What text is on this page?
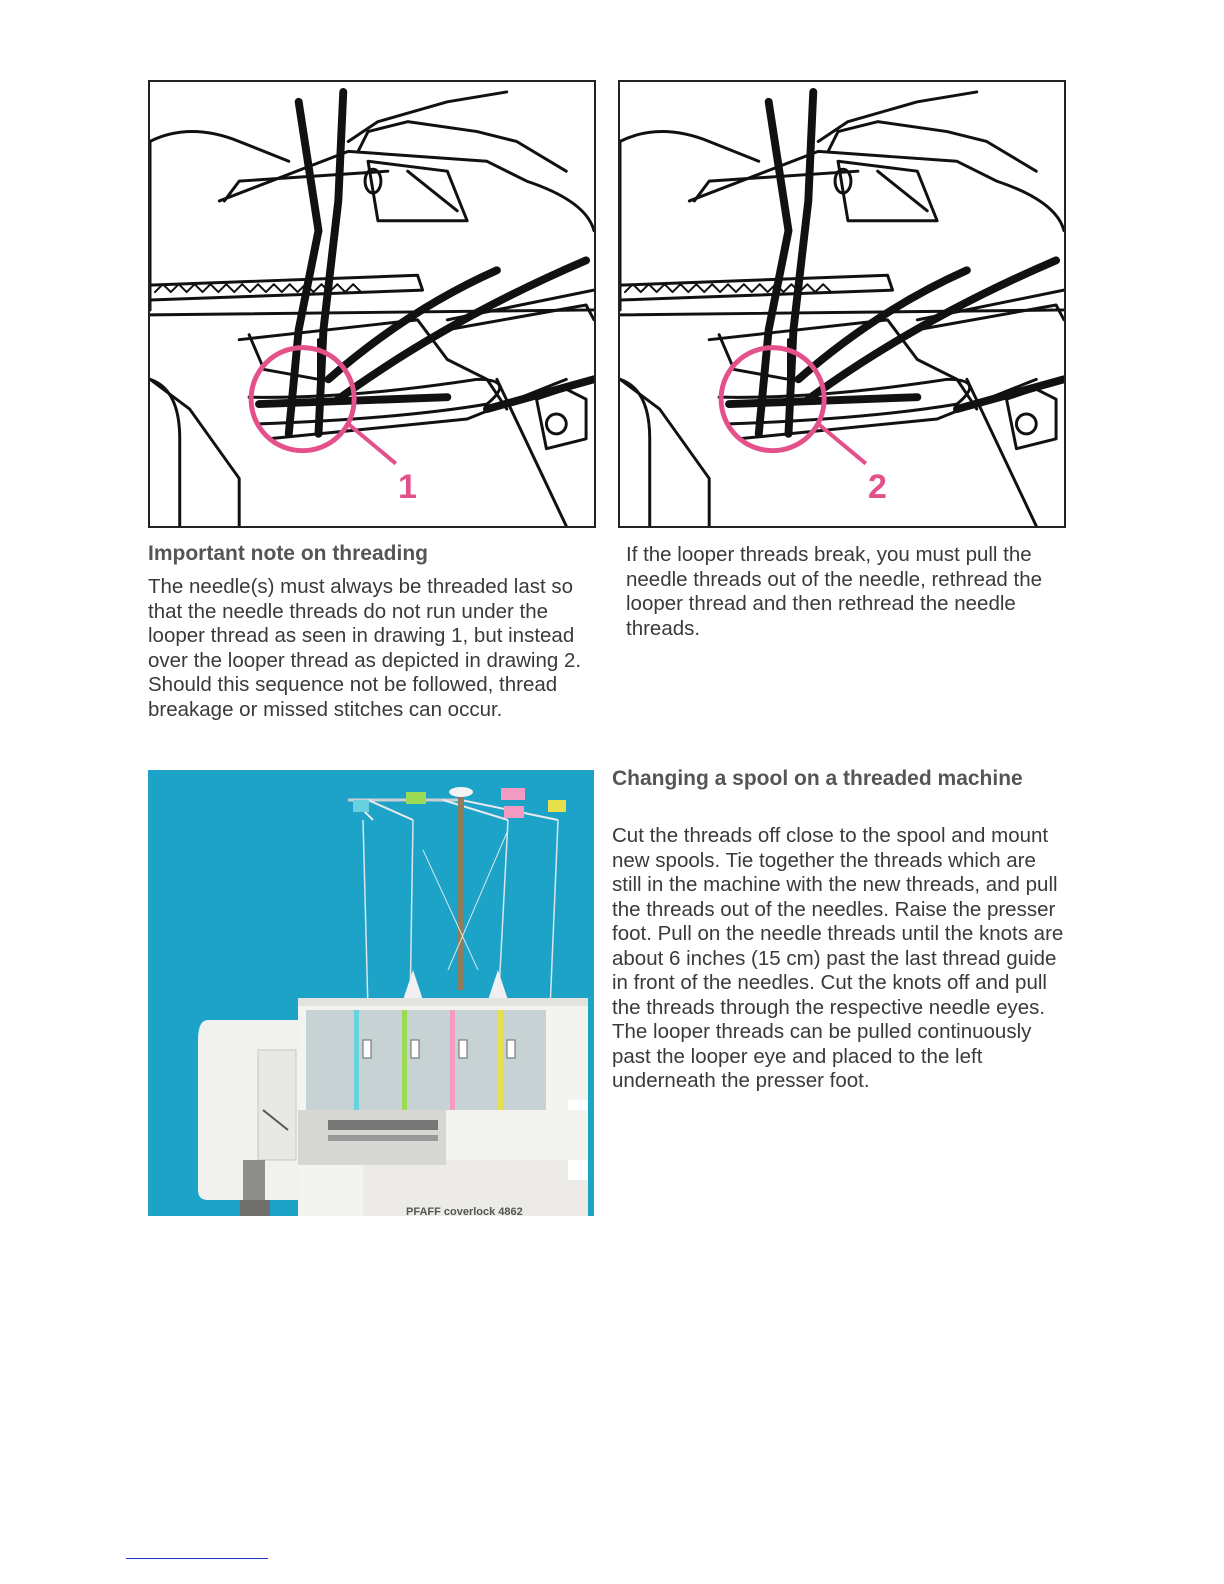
1	2
Important note on threading

The needle(s) must always be threaded last so that the needle threads do not run under the looper thread as seen in drawing 1, but instead over the looper thread as depicted in drawing 2. Should this sequence not be followed, thread breakage or missed stitches can occur.

If the looper threads break, you must pull the needle threads out of the needle, rethread the looper thread and then rethread the needle threads.

PFAFF coverlock 4862
Changing a spool on a threaded machine

Cut the threads off close to the spool and mount new spools. Tie together the threads which are still in the machine with the new threads, and pull the threads out of the needles. Raise the presser foot. Pull on the needle threads until the knots are about 6 inches (15 cm) past the last thread guide in front of the needles. Cut the knots off and pull the threads through the respective needle eyes. The looper threads can be pulled continuously past the looper eye and placed to the left underneath the presser foot.
